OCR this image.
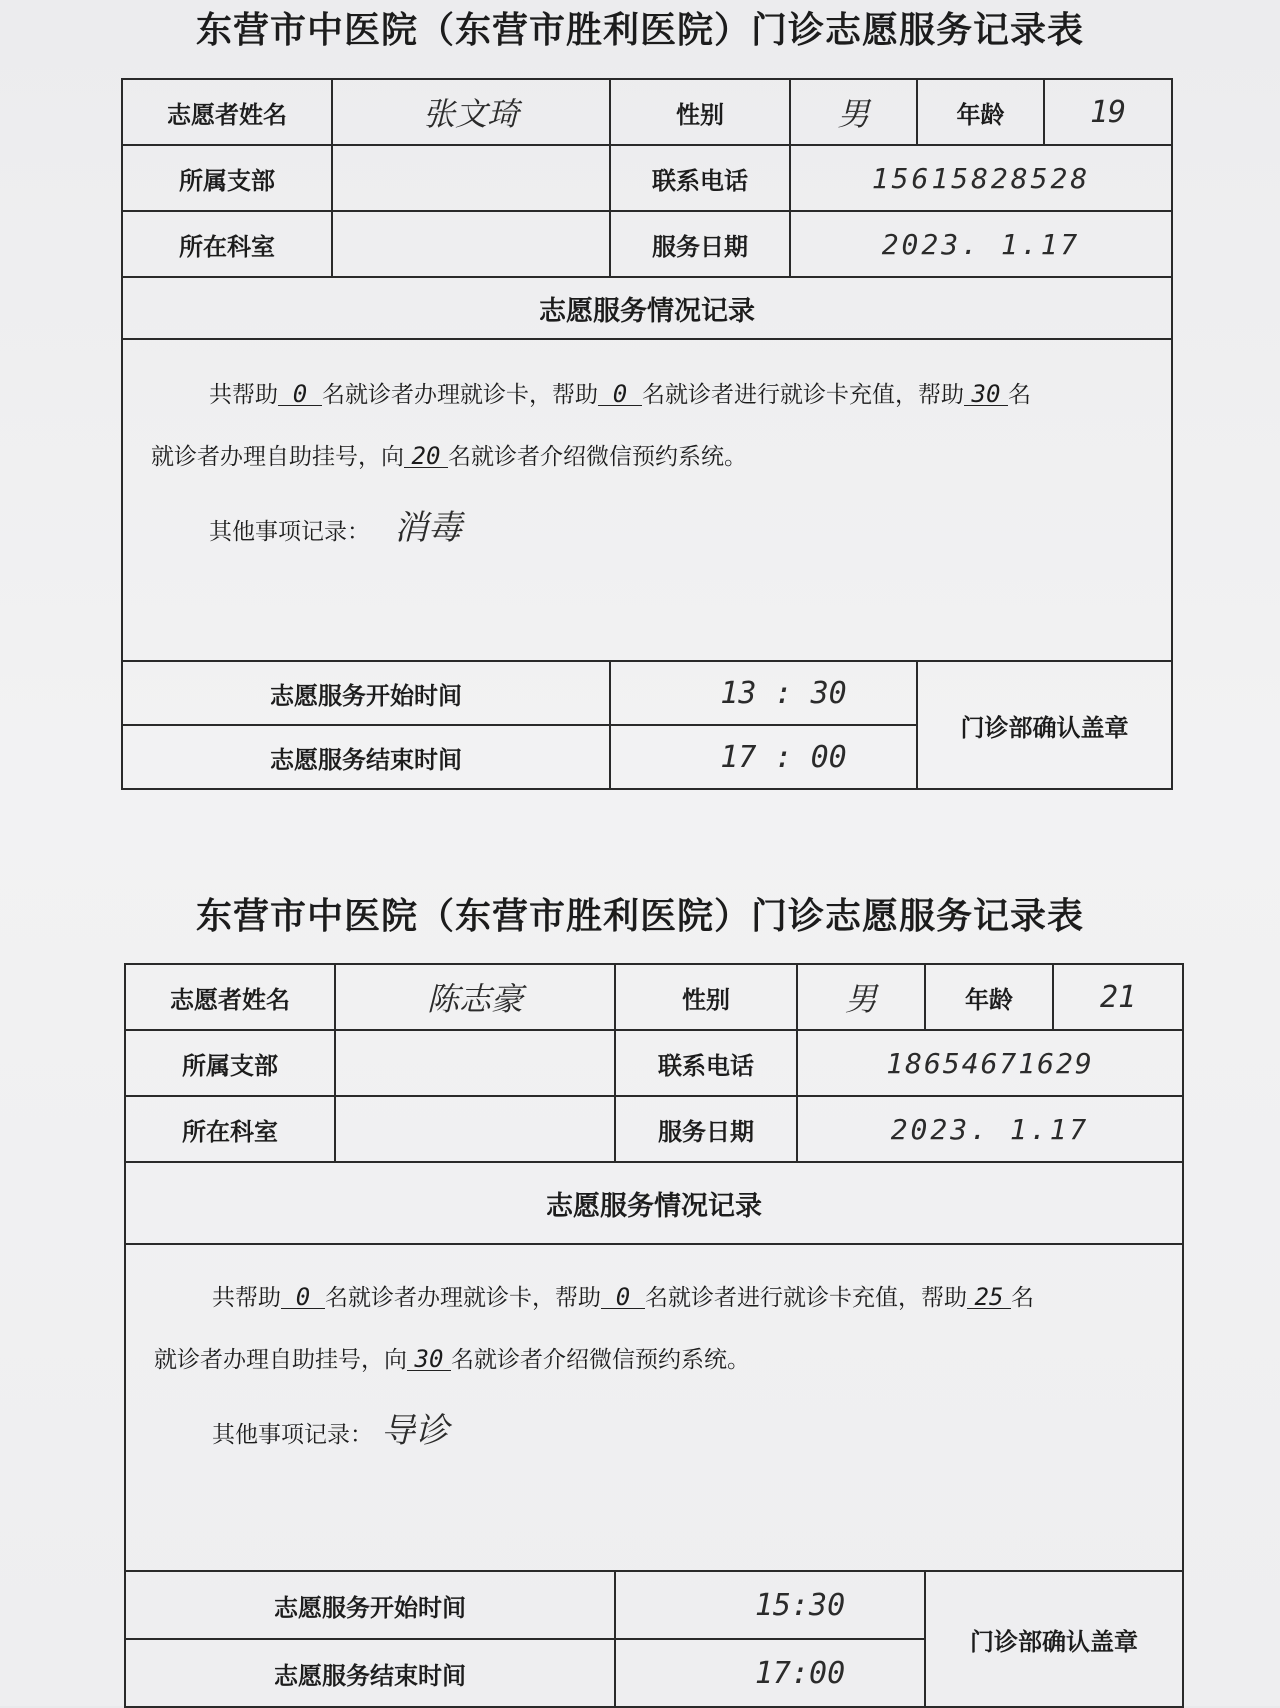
东营市中医院（东营市胜利医院）门诊志愿服务记录表
志愿者姓名	张文琦	性别	男	年龄	19
所属支部		联系电话	15615828528		
所在科室		服务日期	2023. 1.17		
志愿服务情况记录					

共帮助 0 名就诊者办理就诊卡，帮助 0 名就诊者进行就诊卡充值，帮助 30 名
就诊者办理自助挂号，向 20 名就诊者介绍微信预约系统。
其他事项记录： 消毒					

志愿服务开始时间		13 : 30		门诊部确认盖章	
志愿服务结束时间		17 : 00			
东营市中医院（东营市胜利医院）门诊志愿服务记录表
志愿者姓名	陈志豪	性别	男	年龄	21
所属支部		联系电话	18654671629		
所在科室		服务日期	2023. 1.17		
志愿服务情况记录					

共帮助 0 名就诊者办理就诊卡，帮助 0 名就诊者进行就诊卡充值，帮助 25 名
就诊者办理自助挂号，向 30 名就诊者介绍微信预约系统。
其他事项记录： 导诊					

志愿服务开始时间		15:30		门诊部确认盖章	
志愿服务结束时间		17:00			
